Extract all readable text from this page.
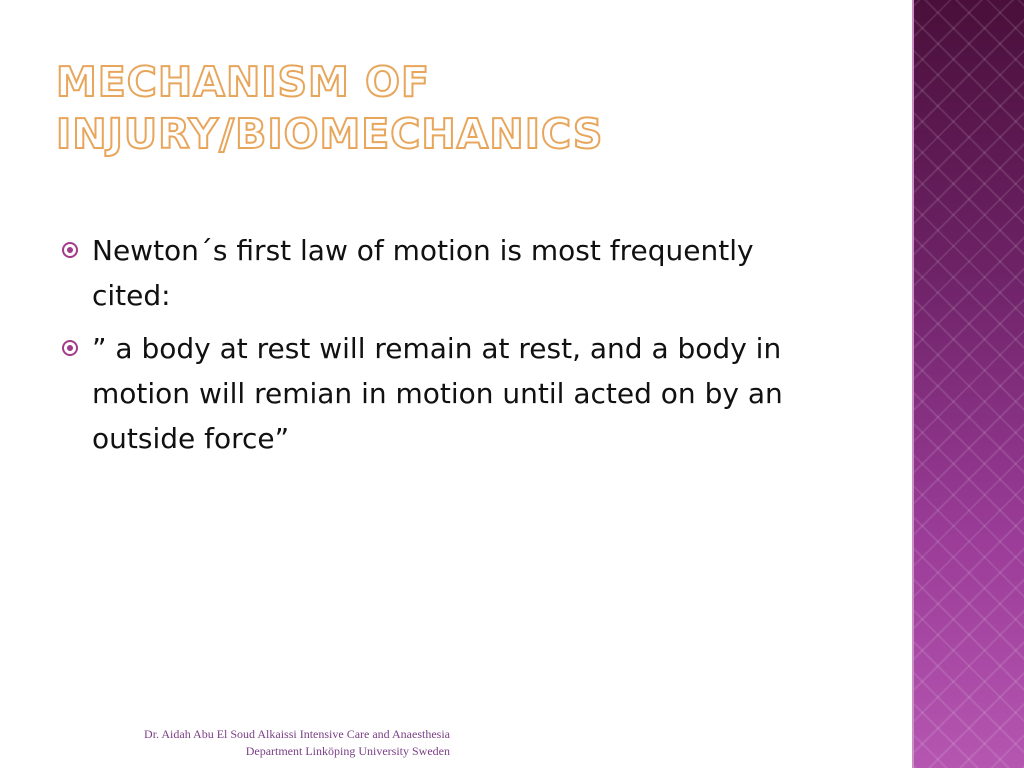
MECHANISM OF
INJURY/BIOMECHANICS
Newton´s first law of motion is most frequently cited:
” a body at rest will remain at rest, and a body in motion will remian in motion until acted on by an outside force”
Dr. Aidah Abu El Soud Alkaissi Intensive Care and Anaesthesia
Department Linköping University Sweden
